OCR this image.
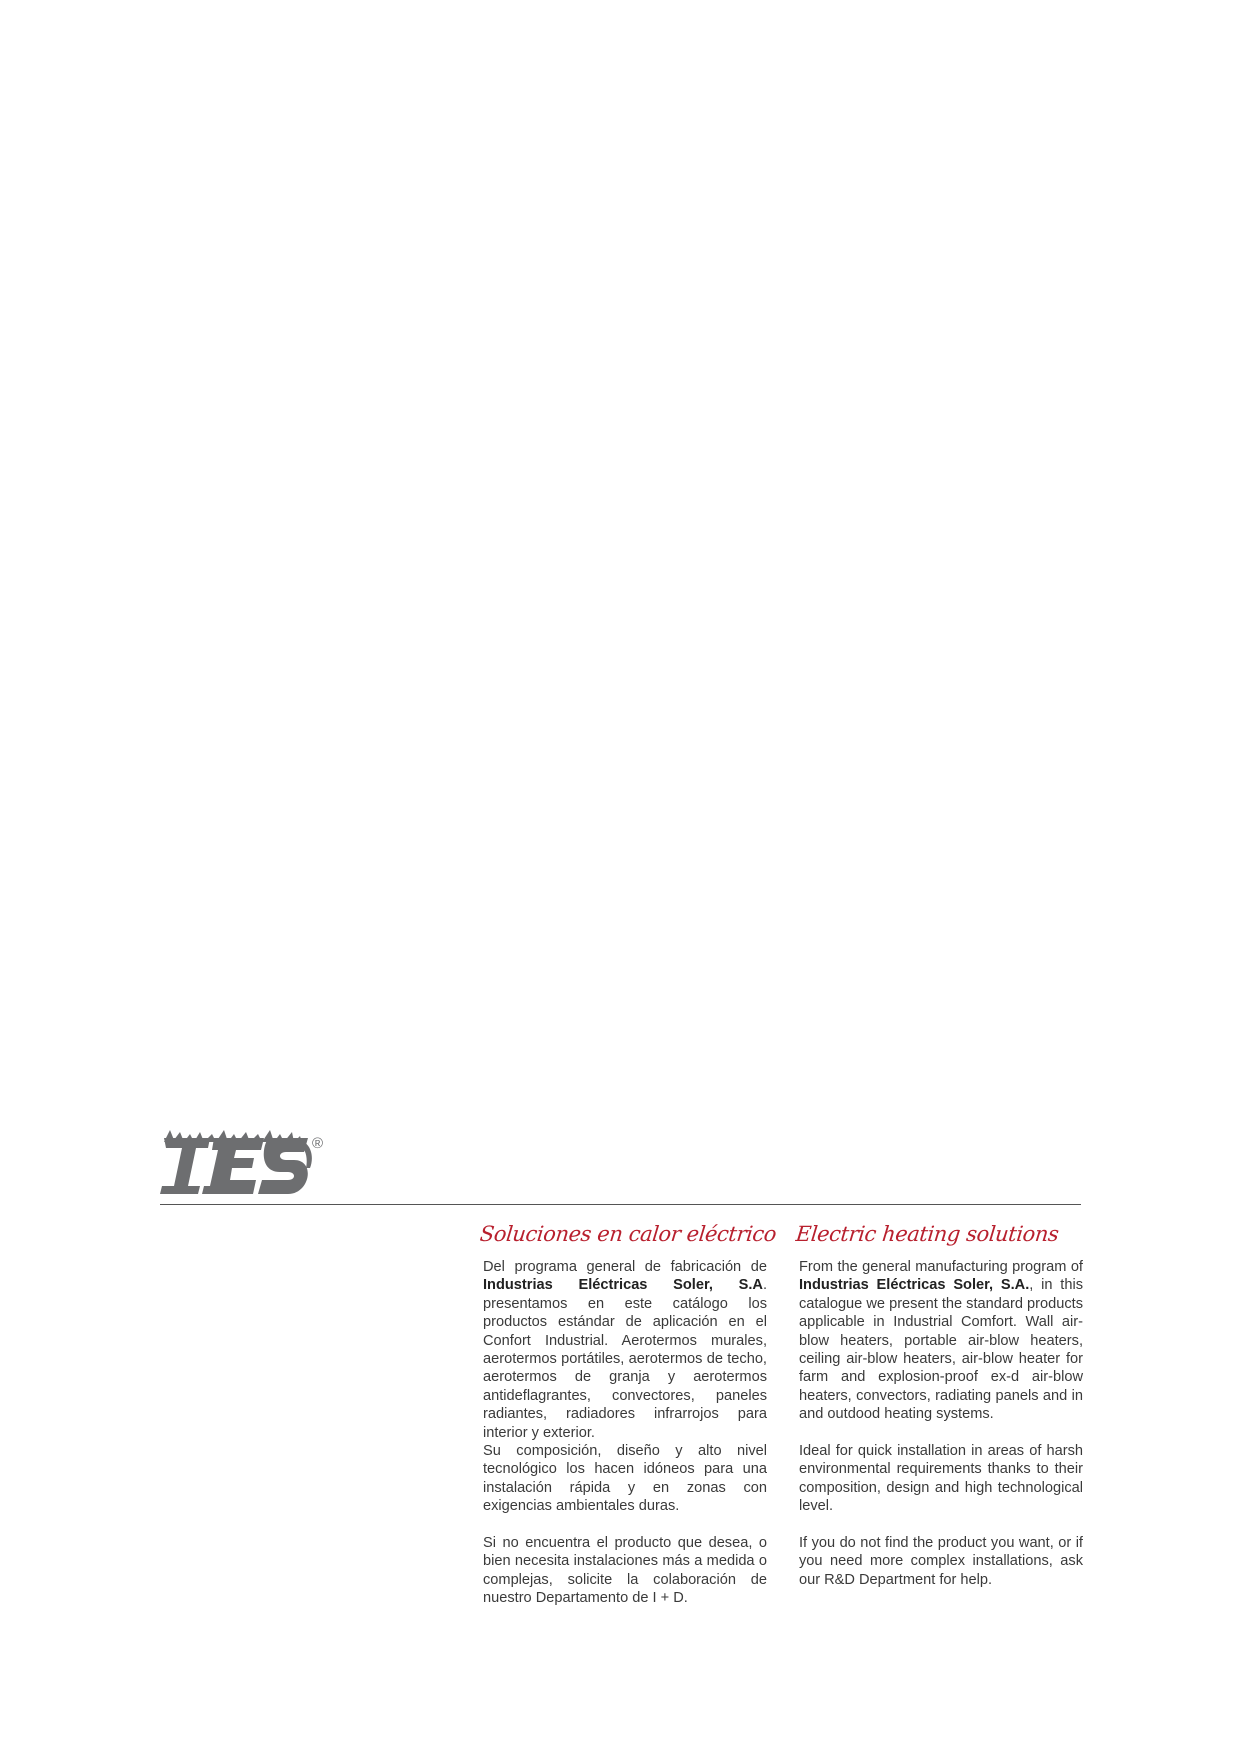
®
Soluciones en calor eléctrico

Del programa general de fabricación de Industrias Eléctricas Soler, S.A. presentamos en este catálogo los productos estándar de aplicación en el Confort Industrial. Aerotermos murales, aerotermos portátiles, aerotermos de techo, aerotermos de granja y aerotermos antideflagrantes, convectores, paneles radiantes, radiadores infrarrojos para interior y exterior.

Su composición, diseño y alto nivel tecnológico los hacen idóneos para una instalación rápida y en zonas con exigencias ambientales duras.

Si no encuentra el producto que desea, o bien necesita instalaciones más a medida o complejas, solicite la colaboración de nuestro Departamento de I + D.

Electric heating solutions

From the general manufacturing program of Industrias Eléctricas Soler, S.A., in this catalogue we present the standard products applicable in Industrial Comfort. Wall air-blow heaters, portable air-blow heaters, ceiling air-blow heaters, air-blow heater for farm and explosion-proof ex-d air-blow heaters, convectors, radiating panels and in and outdood heating systems.

Ideal for quick installation in areas of harsh environmental requirements thanks to their composition, design and high technological level.

If you do not find the product you want, or if you need more complex installations, ask our R&D Department for help.
